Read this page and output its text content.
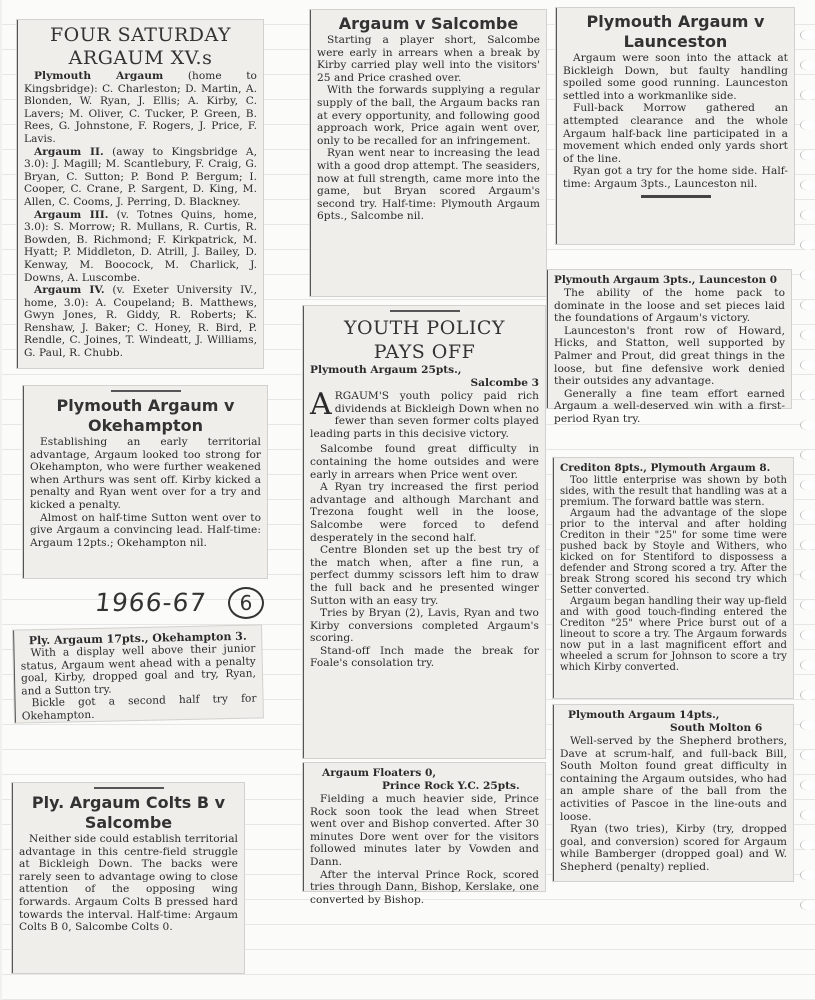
FOUR SATURDAY
ARGAUM XV.s

Plymouth Argaum (home to Kingsbridge): C. Charleston; D. Martin, A. Blonden, W. Ryan, J. Ellis; A. Kirby, C. Lavers; M. Oliver, C. Tucker, P. Green, B. Rees, G. Johnstone, F. Rogers, J. Price, F. Lavis.

Argaum II. (away to Kingsbridge A, 3.0): J. Magill; M. Scantlebury, F. Craig, G. Bryan, C. Sutton; P. Bond P. Bergum; I. Cooper, C. Crane, P. Sargent, D. King, M. Allen, C. Cooms, J. Perring, D. Blackney.

Argaum III. (v. Totnes Quins, home, 3.0): S. Morrow; R. Mullans, R. Curtis, R. Bowden, B. Richmond; F. Kirkpatrick, M. Hyatt; P. Middleton, D. Atrill, J. Bailey, D. Kenway, M. Boocock, M. Charlick, J. Downs, A. Luscombe.

Argaum IV. (v. Exeter University IV., home, 3.0): A. Coupeland; B. Matthews, Gwyn Jones, R. Giddy, R. Roberts; K. Renshaw, J. Baker; C. Honey, R. Bird, P. Rendle, C. Joines, T. Windeatt, J. Williams, G. Paul, R. Chubb.

Plymouth Argaum v
Okehampton

Establishing an early territorial advantage, Argaum looked too strong for Okehampton, who were further weakened when Arthurs was sent off. Kirby kicked a penalty and Ryan went over for a try and kicked a penalty.

Almost on half-time Sutton went over to give Argaum a convincing lead. Half-time: Argaum 12pts.; Okehampton nil.

1966-67	6
Ply. Argaum 17pts., Okehampton 3.

With a display well above their junior status, Argaum went ahead with a penalty goal, Kirby, dropped goal and try, Ryan, and a Sutton try.

Bickle got a second half try for Okehampton.

Ply. Argaum Colts B v
Salcombe

Neither side could establish territorial advantage in this centre-field struggle at Bickleigh Down. The backs were rarely seen to advantage owing to close attention of the opposing wing forwards. Argaum Colts B pressed hard towards the interval. Half-time: Argaum Colts B 0, Salcombe Colts 0.

Argaum v Salcombe

Starting a player short, Salcombe were early in arrears when a break by Kirby carried play well into the visitors' 25 and Price crashed over.

With the forwards supplying a regular supply of the ball, the Argaum backs ran at every opportunity, and following good approach work, Price again went over, only to be recalled for an infringement.

Ryan went near to increasing the lead with a good drop attempt. The seasiders, now at full strength, came more into the game, but Bryan scored Argaum's second try. Half-time: Plymouth Argaum 6pts., Salcombe nil.

YOUTH POLICY
PAYS OFF
Plymouth Argaum 25pts.,
Salcombe 3

ARGAUM'S youth policy paid rich dividends at Bickleigh Down when no fewer than seven former colts played leading parts in this decisive victory.

Salcombe found great difficulty in containing the home outsides and were early in arrears when Price went over.

A Ryan try increased the first period advantage and although Marchant and Trezona fought well in the loose, Salcombe were forced to defend desperately in the second half.

Centre Blonden set up the best try of the match when, after a fine run, a perfect dummy scissors left him to draw the full back and he presented winger Sutton with an easy try.

Tries by Bryan (2), Lavis, Ryan and two Kirby conversions completed Argaum's scoring.

Stand-off Inch made the break for Foale's consolation try.

Argaum Floaters 0,
Prince Rock Y.C. 25pts.

Fielding a much heavier side, Prince Rock soon took the lead when Street went over and Bishop converted. After 30 minutes Dore went over for the visitors followed minutes later by Vowden and Dann.

After the interval Prince Rock, scored tries through Dann, Bishop, Kerslake, one converted by Bishop.

Plymouth Argaum v
Launceston

Argaum were soon into the attack at Bickleigh Down, but faulty handling spoiled some good running. Launceston settled into a workmanlike side.

Full-back Morrow gathered an attempted clearance and the whole Argaum half-back line participated in a movement which ended only yards short of the line.

Ryan got a try for the home side. Half-time: Argaum 3pts., Launceston nil.

Plymouth Argaum 3pts., Launceston 0

The ability of the home pack to dominate in the loose and set pieces laid the foundations of Argaum's victory.

Launceston's front row of Howard, Hicks, and Statton, well supported by Palmer and Prout, did great things in the loose, but fine defensive work denied their outsides any advantage.

Generally a fine team effort earned Argaum a well-deserved win with a first-period Ryan try.

Crediton 8pts., Plymouth Argaum 8.

Too little enterprise was shown by both sides, with the result that handling was at a premium. The forward battle was stern.

Argaum had the advantage of the slope prior to the interval and after holding Crediton in their "25" for some time were pushed back by Stoyle and Withers, who kicked on for Stentiford to dispossess a defender and Strong scored a try. After the break Strong scored his second try which Setter converted.

Argaum began handling their way up-field and with good touch-finding entered the Crediton "25" where Price burst out of a lineout to score a try. The Argaum forwards now put in a last magnificent effort and wheeled a scrum for Johnson to score a try which Kirby converted.

Plymouth Argaum 14pts.,
South Molton 6

Well-served by the Shepherd brothers, Dave at scrum-half, and full-back Bill, South Molton found great difficulty in containing the Argaum outsides, who had an ample share of the ball from the activities of Pascoe in the line-outs and loose.

Ryan (two tries), Kirby (try, dropped goal, and conversion) scored for Argaum while Bamberger (dropped goal) and W. Shepherd (penalty) replied.
